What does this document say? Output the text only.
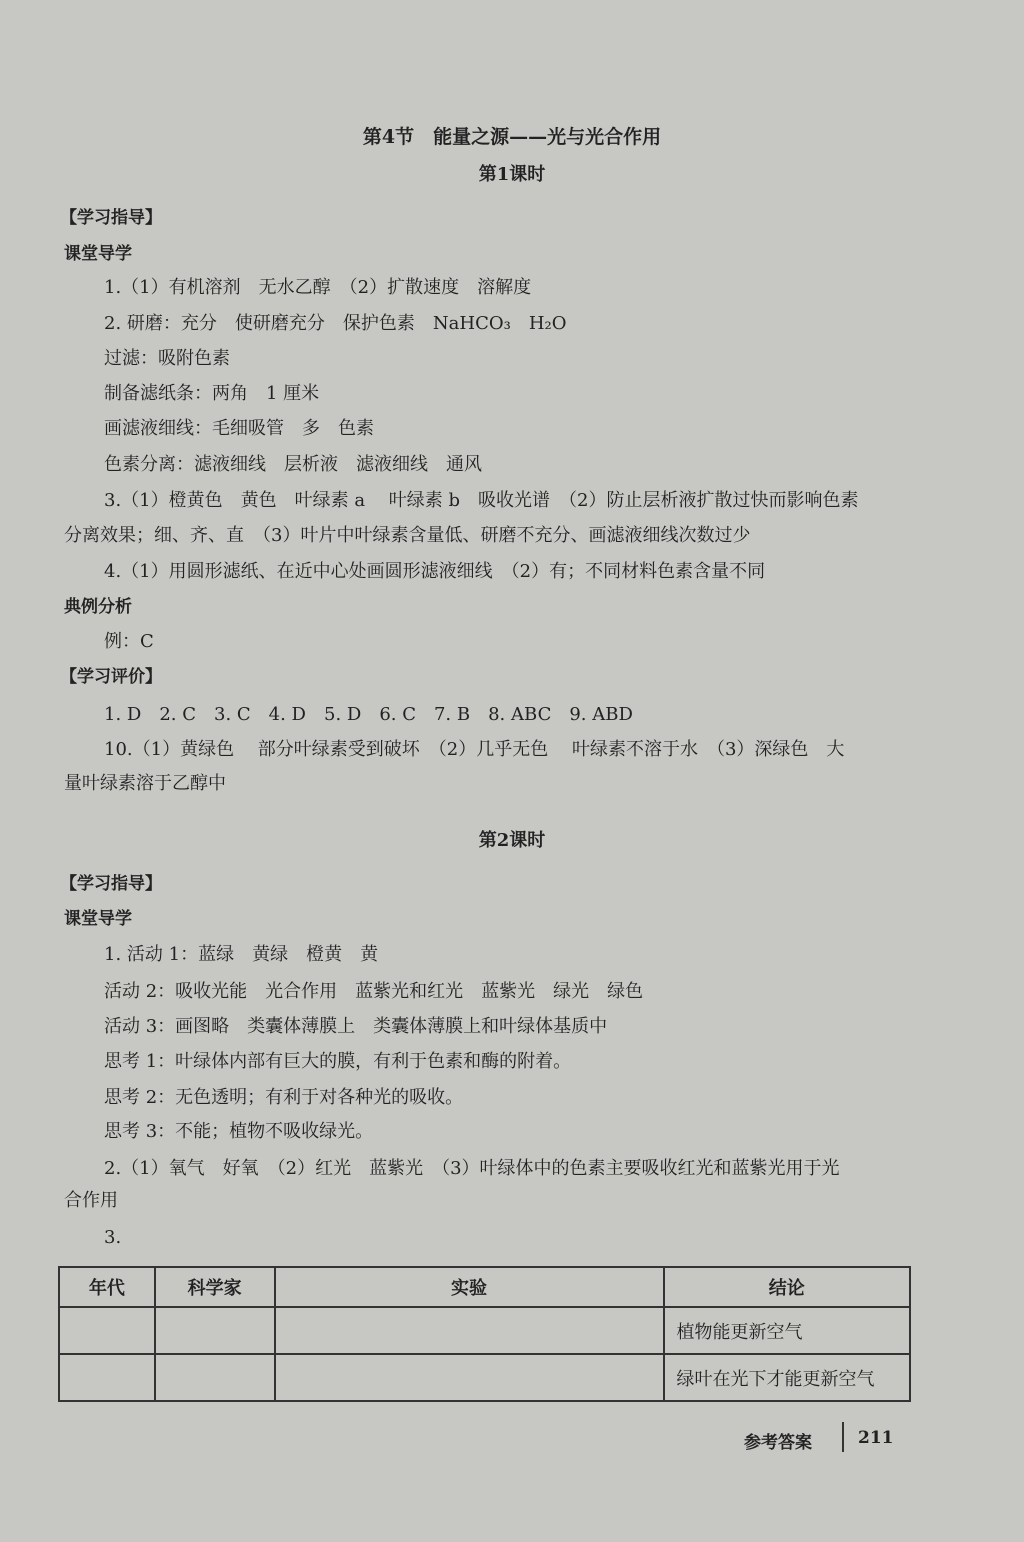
第4节　能量之源——光与光合作用
第1课时
【学习指导】
课堂导学
1.（1）有机溶剂　无水乙醇　（2）扩散速度　溶解度
2. 研磨：充分　使研磨充分　保护色素　NaHCO₃　H₂O
过滤：吸附色素
制备滤纸条：两角　1 厘米
画滤液细线：毛细吸管　多　色素
色素分离：滤液细线　层析液　滤液细线　通风
3.（1）橙黄色　黄色　叶绿素 a　 叶绿素 b　吸收光谱　（2）防止层析液扩散过快而影响色素
分离效果；细、齐、直　（3）叶片中叶绿素含量低、研磨不充分、画滤液细线次数过少
4.（1）用圆形滤纸、在近中心处画圆形滤液细线　（2）有；不同材料色素含量不同
典例分析
例：C
【学习评价】
1. D　2. C　3. C　4. D　5. D　6. C　7. B　8. ABC　9. ABD
10.（1）黄绿色　 部分叶绿素受到破坏　（2）几乎无色　 叶绿素不溶于水　（3）深绿色　大
量叶绿素溶于乙醇中
第2课时
【学习指导】
课堂导学
1. 活动 1：蓝绿　黄绿　橙黄　黄
活动 2：吸收光能　光合作用　蓝紫光和红光　蓝紫光　绿光　绿色
活动 3：画图略　类囊体薄膜上　类囊体薄膜上和叶绿体基质中
思考 1：叶绿体内部有巨大的膜，有利于色素和酶的附着。
思考 2：无色透明；有利于对各种光的吸收。
思考 3：不能；植物不吸收绿光。
2.（1）氧气　好氧　（2）红光　蓝紫光　（3）叶绿体中的色素主要吸收红光和蓝紫光用于光
合作用
3.
年代	科学家	实验	结论
			植物能更新空气
			绿叶在光下才能更新空气
参考答案	211
